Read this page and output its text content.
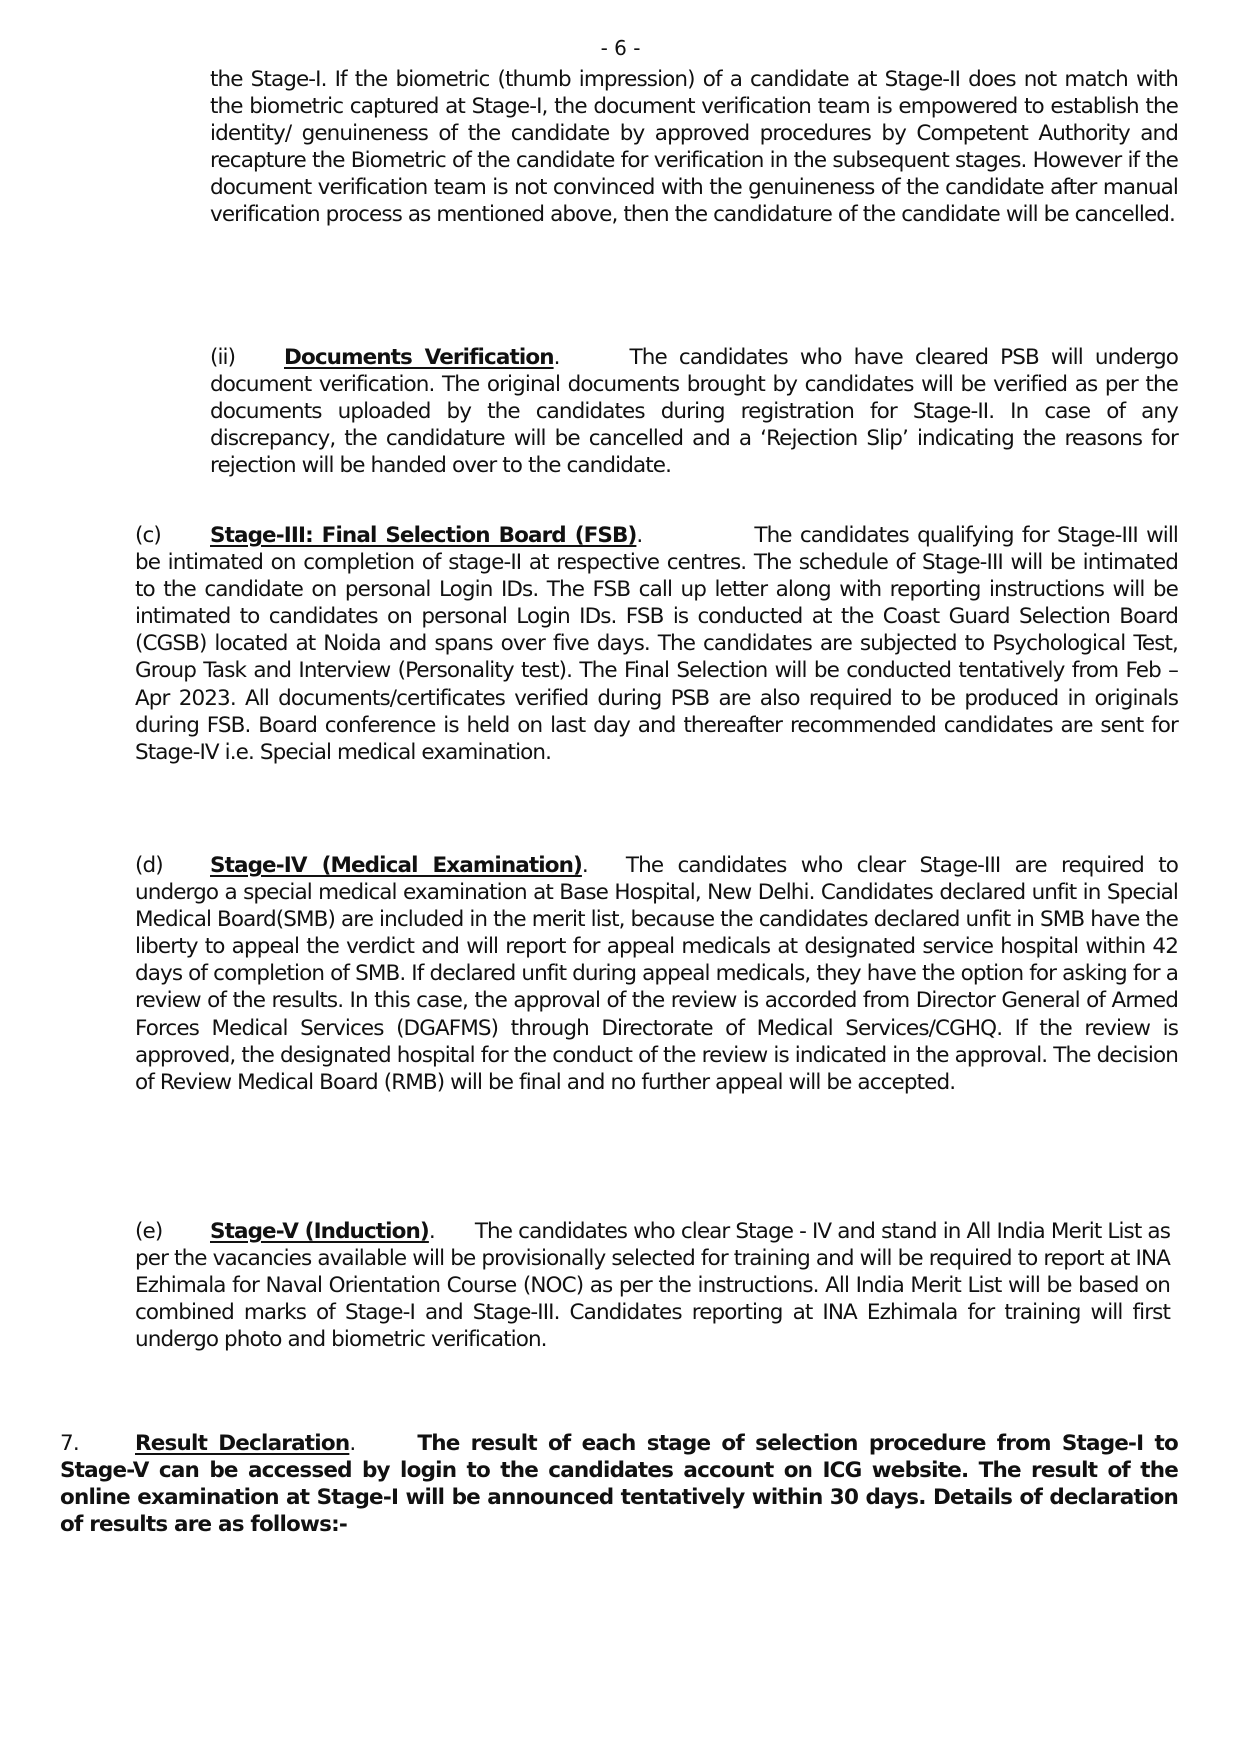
- 6 -
the Stage-I. If the biometric (thumb impression) of a candidate at Stage-II does not match with the biometric captured at Stage-I, the document verification team is empowered to establish the identity/ genuineness of the candidate by approved procedures by Competent Authority and recapture the Biometric of the candidate for verification in the subsequent stages. However if the document verification team is not convinced with the genuineness of the candidate after manual verification process as mentioned above, then the candidature of the candidate will be cancelled.
(ii) Documents Verification.	The candidates who have cleared PSB will undergo document verification. The original documents brought by candidates will be verified as per the documents uploaded by the candidates during registration for Stage-II. In case of any discrepancy, the candidature will be cancelled and a ‘Rejection Slip’ indicating the reasons for rejection will be handed over to the candidate.
(c) Stage-III: Final Selection Board (FSB).	The candidates qualifying for Stage-III will be intimated on completion of stage-II at respective centres. The schedule of Stage-III will be intimated to the candidate on personal Login IDs. The FSB call up letter along with reporting instructions will be intimated to candidates on personal Login IDs. FSB is conducted at the Coast Guard Selection Board (CGSB) located at Noida and spans over five days. The candidates are subjected to Psychological Test, Group Task and Interview (Personality test). The Final Selection will be conducted tentatively from Feb – Apr 2023. All documents/certificates verified during PSB are also required to be produced in originals during FSB. Board conference is held on last day and thereafter recommended candidates are sent for Stage-IV i.e. Special medical examination.
(d) Stage-IV (Medical Examination). The candidates who clear Stage-III are required to undergo a special medical examination at Base Hospital, New Delhi. Candidates declared unfit in Special Medical Board(SMB) are included in the merit list, because the candidates declared unfit in SMB have the liberty to appeal the verdict and will report for appeal medicals at designated service hospital within 42 days of completion of SMB. If declared unfit during appeal medicals, they have the option for asking for a review of the results. In this case, the approval of the review is accorded from Director General of Armed Forces Medical Services (DGAFMS) through Directorate of Medical Services/CGHQ. If the review is approved, the designated hospital for the conduct of the review is indicated in the approval. The decision of Review Medical Board (RMB) will be final and no further appeal will be accepted.
(e) Stage-V (Induction). The candidates who clear Stage - IV and stand in All India Merit List as per the vacancies available will be provisionally selected for training and will be required to report at INA Ezhimala for Naval Orientation Course (NOC) as per the instructions. All India Merit List will be based on combined marks of Stage-I and Stage-III. Candidates reporting at INA Ezhimala for training will first undergo photo and biometric verification.
7.	Result Declaration.	The result of each stage of selection procedure from Stage-I to Stage-V can be accessed by login to the candidates account on ICG website. The result of the online examination at Stage-I will be announced tentatively within 30 days. Details of declaration of results are as follows:-
